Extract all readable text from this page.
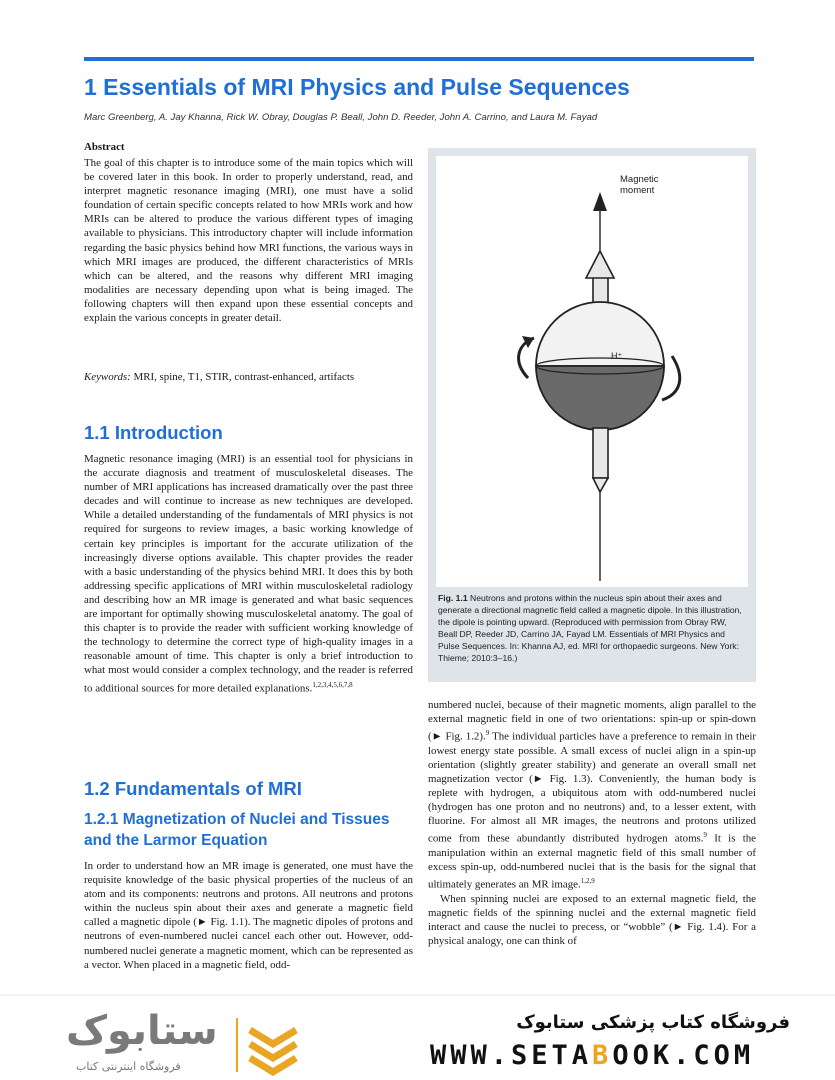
1 Essentials of MRI Physics and Pulse Sequences
Marc Greenberg, A. Jay Khanna, Rick W. Obray, Douglas P. Beall, John D. Reeder, John A. Carrino, and Laura M. Fayad
Abstract

The goal of this chapter is to introduce some of the main topics which will be covered later in this book. In order to properly understand, read, and interpret magnetic resonance imaging (MRI), one must have a solid foundation of certain specific concepts related to how MRIs work and how MRIs can be altered to produce the various different types of imaging available to physicians. This introductory chapter will include information regarding the basic physics behind how MRI functions, the various ways in which MRI images are produced, the different characteristics of MRIs which can be altered, and the reasons why different MRI imaging modalities are necessary depending upon what is being imaged. The following chapters will then expand upon these essential concepts and explain the various concepts in greater detail.

Keywords: MRI, spine, T1, STIR, contrast-enhanced, artifacts
1.1 Introduction

Magnetic resonance imaging (MRI) is an essential tool for physicians in the accurate diagnosis and treatment of musculoskeletal diseases. The number of MRI applications has increased dramatically over the past three decades and will continue to increase as new techniques are developed. While a detailed understanding of the fundamentals of MRI physics is not required for surgeons to review images, a basic working knowledge of certain key principles is important for the accurate utilization of the increasingly diverse options available. This chapter provides the reader with a basic understanding of the physics behind MRI. It does this by both addressing specific applications of MRI within musculoskeletal radiology and describing how an MR image is generated and what basic sequences are important for optimally showing musculoskeletal anatomy. The goal of this chapter is to provide the reader with sufficient working knowledge of the technology to determine the correct type of high-quality images in a reasonable amount of time. This chapter is only a brief introduction to what most would consider a complex technology, and the reader is referred to additional sources for more detailed explanations.$^{1,2,3,4,5,6,7,8}$

1.2 Fundamentals of MRI
1.2.1 Magnetization of Nuclei and Tissues and the Larmor Equation

In order to understand how an MR image is generated, one must have the requisite knowledge of the basic physical properties of the nucleus of an atom and its components: neutrons and protons. All neutrons and protons within the nucleus spin about their axes and generate a magnetic field called a magnetic dipole (► Fig. 1.1). The magnetic dipoles of protons and neutrons of even-numbered nuclei cancel each other out. However, odd-numbered nuclei generate a magnetic moment, which can be represented as a vector. When placed in a magnetic field, odd-

Magnetic moment
H⁺

Fig. 1.1 Neutrons and protons within the nucleus spin about their axes and generate a directional magnetic field called a magnetic dipole. In this illustration, the dipole is pointing upward. (Reproduced with permission from Obray RW, Beall DP, Reeder JD, Carrino JA, Fayad LM. Essentials of MRI Physics and Pulse Sequences. In: Khanna AJ, ed. MRI for orthopaedic surgeons. New York: Thieme; 2010:3–16.)

numbered nuclei, because of their magnetic moments, align parallel to the external magnetic field in one of two orientations: spin-up or spin-down (► Fig. 1.2).$^9$ The individual particles have a preference to remain in their lowest energy state possible. A small excess of nuclei align in a spin-up orientation (slightly greater stability) and generate an overall small net magnetization vector (► Fig. 1.3). Conveniently, the human body is replete with hydrogen, a ubiquitous atom with odd-numbered nuclei (hydrogen has one proton and no neutrons) and, to a lesser extent, with fluorine. For almost all MR images, the neutrons and protons utilized come from these abundantly distributed hydrogen atoms.$^9$ It is the manipulation within an external magnetic field of this small number of excess spin-up, odd-numbered nuclei that is the basis for the signal that ultimately generates an MR image.$^{1,2,9}$
When spinning nuclei are exposed to an external magnetic field, the magnetic fields of the spinning nuclei and the external magnetic field interact and cause the nuclei to precess, or “wobble” (► Fig. 1.4). For a physical analogy, one can think of

ستابوک
فروشگاه اینترنتی کتاب
فروشگاه کتاب پزشکی ستابوک
WWW.SETABOOK.COM
